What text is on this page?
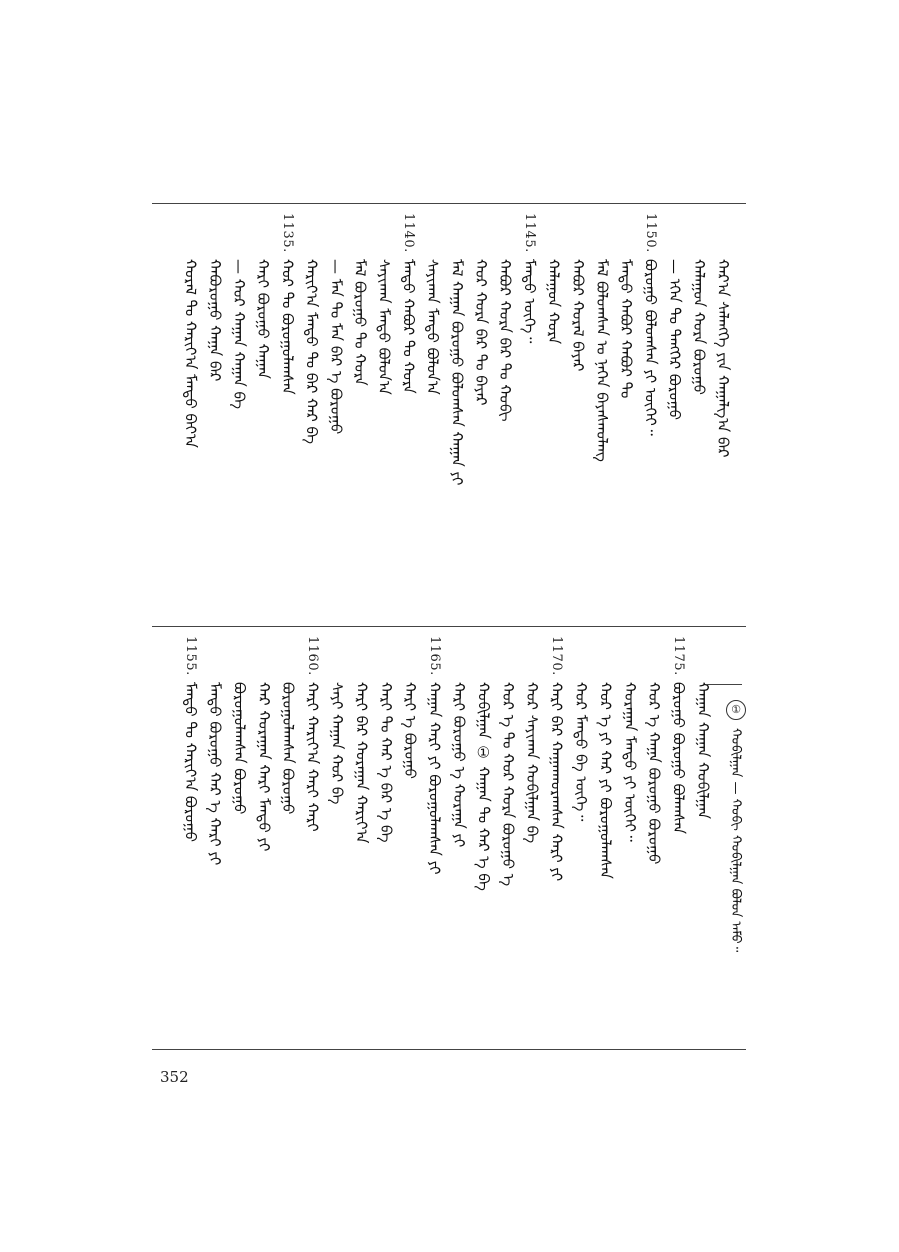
ᠬᠠᠷ᠎ᠠ ᠰᠡᠯᠡᠩᠭᠡ ᠶᠢᠨ ᠬᠠᠭᠠᠯᠭ᠎ᠠ ᠪᠠᠷ
ᠬᠠᠯᠠᠭᠤᠨ ᠬᠤᠷᠠ ᠪᠤᠷᠤᠭᠤ
— ᠡᠭᠡᠨ ᠲᠤ ᠲᠡᠩᠭᠡᠷ ᠪᠤᠷᠤᠭᠤ
1150.
ᠪᠤᠷᠤᠭᠤ ᠪᠣᠯᠤᠭᠰᠠᠨ ᠶᠢ ᠦᠭᠡᠶ᠃
ᠮᠡᠨᠳᠦ ᠬᠠᠪᠤᠷ ᠬᠠᠪᠤᠷ ᠲᠤ
ᠮᠠᠯ ᠪᠣᠯᠤᠭᠰᠠᠨ ᠤ ᠨᠡᠭᠡᠨ ᠪᠠᠶᠠᠰᠬᠤᠯᠠᠩ
ᠬᠠᠪᠤᠷ ᠬᠤᠷᠠᠯ ᠪᠠᠶᠠᠷ
ᠬᠠᠯᠠᠭᠤᠨ ᠬᠤᠷᠠ
1145.
ᠮᠡᠨᠳᠦ ᠦᠭᠡ᠃
ᠬᠠᠪᠤᠷ ᠬᠤᠷᠠ ᠪᠠᠷ ᠲᠤ ᠬᠤᠪᠢ
ᠬᠤᠷ ᠬᠤᠷᠠ ᠪᠠᠷ ᠲᠤ ᠪᠠᠶᠠᠷ
ᠮᠠᠯ ᠬᠠᠭᠠᠨ ᠪᠤᠷᠤᠭᠤ ᠪᠣᠯᠤᠭᠰᠠᠨ ᠬᠠᠭᠠᠨ ᠶᠢ
ᠰᠠᠶᠢᠬᠠᠨ ᠮᠡᠨᠳᠦ ᠪᠣᠯᠤᠨ᠎ᠠ
1140.
ᠮᠡᠨᠳᠦ ᠬᠠᠪᠤᠷ ᠲᠤ ᠬᠤᠷᠠ
ᠰᠠᠶᠢᠬᠠᠨ ᠮᠡᠨᠳᠦ ᠪᠣᠯᠤᠨ᠎ᠠ
ᠮᠠᠯ ᠪᠤᠷᠤᠭᠤ ᠲᠤ ᠬᠤᠷᠠ
— ᠮᠡᠨ ᠲᠤ ᠮᠡᠨ ᠪᠠᠷ ᠡ ᠪᠤᠷᠤᠭᠤ
ᠬᠠᠷᠢᠶ᠎ᠠ ᠮᠡᠨᠳᠦ ᠲᠤ ᠪᠠᠷ ᠬᠠᠷ ᠪᠠ
1135.
ᠬᠤᠷ ᠲᠤ ᠪᠤᠷᠤᠭᠤᠯᠠᠭᠰᠠᠨ
ᠬᠠᠷᠢ ᠪᠤᠷᠤᠭᠤ ᠬᠠᠭᠠᠨ
— ᠬᠤᠷ ᠬᠠᠭᠠᠨ ᠬᠠᠭᠠᠨ ᠪᠠ
ᠬᠠᠪᠤᠷᠤᠭᠤ ᠬᠠᠭᠠ ᠪᠠᠷ
ᠬᠤᠷᠠᠯ ᠲᠤ ᠬᠠᠷᠢᠶ᠎ᠠ ᠮᠡᠨᠳᠦ ᠪᠠᠶ᠎ᠠ
ᠬᠤᠪᠢᠯᠭᠠᠨ — ᠬᠤᠪᠢ ᠬᠤᠪᠢᠯᠭᠠᠨ ᠪᠤᠯᠤᠨ ᠠᠮᠤ᠃
ᠬᠠᠭᠠᠨ ᠬᠠᠭᠠᠨ ᠬᠤᠪᠢᠯᠭᠠᠨ
1175.
ᠪᠤᠷᠤᠭᠤ ᠪᠤᠷᠤᠭᠤ ᠪᠤᠯᠠᠭᠰᠠᠨ
ᠬᠤᠷ ᠡ ᠬᠠᠭᠠ ᠪᠤᠷᠤᠭᠤ ᠪᠤᠷᠤᠭᠤ
ᠬᠤᠷᠠᠭᠠᠨ ᠮᠡᠨᠳᠦ ᠶᠢ ᠦᠭᠡᠶ᠃
ᠬᠤᠷ ᠡ ᠶᠢ ᠬᠠᠷ ᠶᠢ ᠪᠤᠷᠤᠭᠤᠯᠠᠭᠰᠠᠨ
ᠬᠤᠷ ᠮᠡᠨᠳᠦ ᠪᠠ ᠦᠭᠡ᠃
1170.
ᠬᠠᠷᠢ ᠪᠠᠷ ᠬᠠᠭᠠᠨᠬᠤᠷᠠᠭᠰᠠᠨ ᠬᠠᠷᠢ ᠶᠢ
ᠬᠤᠷ ᠰᠠᠶᠢᠬᠠᠨ ᠬᠤᠪᠢᠯᠭᠠᠨ ᠪᠠ
ᠬᠤᠷ ᠡ ᠲᠤ ᠬᠤᠷ ᠬᠤᠷᠠ ᠪᠤᠷᠤᠭᠤ ᠡ
ᠬᠤᠪᠢᠯᠭᠠᠨ ① ᠬᠠᠭᠠᠨ ᠲᠤ ᠬᠠᠷ ᠡ ᠪᠠ
ᠬᠠᠷᠢ ᠪᠤᠷᠤᠭᠤ ᠡ ᠬᠤᠷᠠᠭᠠ ᠶᠢ
1165.
ᠬᠠᠭᠠᠨ ᠬᠠᠷᠢ ᠶᠢ ᠪᠤᠷᠤᠭᠤᠯᠠᠭᠰᠠᠨ ᠶᠢ
ᠬᠠᠷᠢ ᠡ ᠪᠤᠷᠤᠭᠤ
ᠬᠠᠷᠢ ᠲᠤ ᠬᠠᠷ ᠡ ᠪᠠᠷ ᠡ ᠪᠠ
ᠬᠠᠷᠢ ᠪᠠᠷ ᠬᠤᠷᠠᠭᠠᠨ ᠬᠠᠷᠢᠶ᠎ᠠ
ᠰᠠᠶᠢ ᠬᠠᠭᠠᠨ ᠬᠤᠷ ᠪᠠ
1160.
ᠬᠠᠷᠢ ᠬᠠᠷᠢᠶ᠎ᠠ ᠬᠠᠷᠢ ᠬᠠᠷᠢ
ᠪᠤᠷᠤᠭᠤᠯᠠᠭᠰᠠᠨ ᠪᠤᠷᠤᠭᠤ
ᠬᠠᠷ ᠬᠤᠷᠠᠭᠠᠨ ᠬᠠᠷᠢ ᠮᠡᠨᠳᠦ ᠶᠢ
ᠪᠤᠷᠤᠭᠤᠯᠠᠭᠰᠠᠨ ᠪᠤᠷᠤᠭᠤ
ᠮᠡᠨᠳᠦ ᠪᠤᠷᠤᠭᠤ ᠬᠠᠷ ᠡ ᠬᠠᠷᠢ ᠶᠢ
1155.
ᠮᠡᠨᠳᠦ ᠲᠤ ᠬᠠᠷᠢᠶ᠎ᠠ ᠪᠤᠷᠤᠭᠤ	①
352
